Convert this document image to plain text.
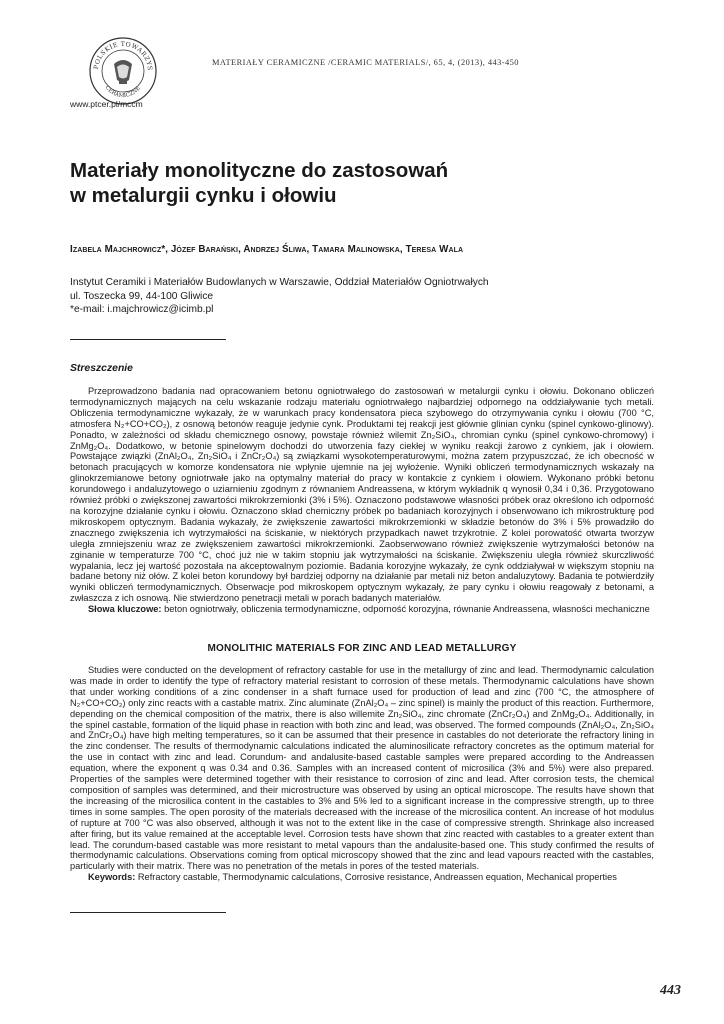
POLSKIE TOWARZYS
CERAMICZNE
www.ptcer.pl/mccm
MATERIAŁY CERAMICZNE /CERAMIC MATERIALS/, 65, 4, (2013), 443-450
Materiały monolityczne do zastosowań
w metalurgii cynku i ołowiu
Izabela Majchrowicz*, Józef Barański, Andrzej Śliwa, Tamara Malinowska, Teresa Wala
Instytut Ceramiki i Materiałów Budowlanych w Warszawie, Oddział Materiałów Ogniotrwałych
ul. Toszecka 99, 44-100 Gliwice
*e-mail: i.majchrowicz@icimb.pl
Streszczenie
Przeprowadzono badania nad opracowaniem betonu ogniotrwałego do zastosowań w metalurgii cynku i ołowiu. Dokonano obliczeń termodynamicznych mających na celu wskazanie rodzaju materiału ogniotrwałego najbardziej odpornego na oddziaływanie tych metali. Obliczenia termodynamiczne wykazały, że w warunkach pracy kondensatora pieca szybowego do otrzymywania cynku i ołowiu (700 °C, atmosfera N₂+CO+CO₂), z osnową betonów reaguje jedynie cynk. Produktami tej reakcji jest głównie glinian cynku (spinel cynkowo-glinowy). Ponadto, w zależności od składu chemicznego osnowy, powstaje również wilemit Zn₂SiO₄, chromian cynku (spinel cynkowo-chromowy) i ZnMg₂O₄. Dodatkowo, w betonie spinelowym dochodzi do utworzenia fazy ciekłej w wyniku reakcji żarowo z cynkiem, jak i ołowiem. Powstające związki (ZnAl₂O₄, Zn₂SiO₄ i ZnCr₂O₄) są związkami wysokotemperaturowymi, można zatem przypuszczać, że ich obecność w betonach pracujących w komorze kondensatora nie wpłynie ujemnie na jej wyłożenie. Wyniki obliczeń termodynamicznych wskazały na glinokrzemianowe betony ogniotrwałe jako na optymalny materiał do pracy w kontakcie z cynkiem i ołowiem. Wykonano próbki betonu korundowego i andaluzytowego o uziarnieniu zgodnym z równaniem Andreassena, w którym wykładnik q wynosił 0,34 i 0,36. Przygotowano również próbki o zwiększonej zawartości mikrokrzemionki (3% i 5%). Oznaczono podstawowe własności próbek oraz określono ich odporność na korozyjne działanie cynku i ołowiu. Oznaczono skład chemiczny próbek po badaniach korozyjnych i obserwowano ich mikrostrukturę pod mikroskopem optycznym. Badania wykazały, że zwiększenie zawartości mikrokrzemionki w składzie betonów do 3% i 5% prowadziło do znacznego zwiększenia ich wytrzymałości na ściskanie, w niektórych przypadkach nawet trzykrotnie. Z kolei porowatość otwarta tworzyw uległa zmniejszeniu wraz ze zwiększeniem zawartości mikrokrzemionki. Zaobserwowano również zwiększenie wytrzymałości betonów na zginanie w temperaturze 700 °C, choć już nie w takim stopniu jak wytrzymałości na ściskanie. Zwiększeniu uległa również skurczliwość wypalania, lecz jej wartość pozostała na akceptowalnym poziomie. Badania korozyjne wykazały, że cynk oddziaływał w większym stopniu na badane betony niż ołów. Z kolei beton korundowy był bardziej odporny na działanie par metali niż beton andaluzytowy. Badania te potwierdziły wyniki obliczeń termodynamicznych. Obserwacje pod mikroskopem optycznym wykazały, że pary cynku i ołowiu reagowały z betonami, a zwłaszcza z ich osnową. Nie stwierdzono penetracji metali w porach badanych materiałów.
Słowa kluczowe: beton ogniotrwały, obliczenia termodynamiczne, odporność korozyjna, równanie Andreassena, własności mechaniczne
MONOLITHIC MATERIALS FOR ZINC AND LEAD METALLURGY
Studies were conducted on the development of refractory castable for use in the metallurgy of zinc and lead. Thermodynamic calculation was made in order to identify the type of refractory material resistant to corrosion of these metals. Thermodynamic calculations have shown that under working conditions of a zinc condenser in a shaft furnace used for production of lead and zinc (700 °C, the atmosphere of N₂+CO+CO₂) only zinc reacts with a castable matrix. Zinc aluminate (ZnAl₂O₄ – zinc spinel) is mainly the product of this reaction. Furthermore, depending on the chemical composition of the matrix, there is also willemite Zn₂SiO₄, zinc chromate (ZnCr₂O₄) and ZnMg₂O₄. Additionally, in the spinel castable, formation of the liquid phase in reaction with both zinc and lead, was observed. The formed compounds (ZnAl₂O₄, Zn₂SiO₄ and ZnCr₂O₄) have high melting temperatures, so it can be assumed that their presence in castables do not deteriorate the refractory lining in the zinc condenser. The results of thermodynamic calculations indicated the aluminosilicate refractory concretes as the optimum material for the use in contact with zinc and lead. Corundum- and andalusite-based castable samples were prepared according to the Andreassen equation, where the exponent q was 0.34 and 0.36. Samples with an increased content of microsilica (3% and 5%) were also prepared. Properties of the samples were determined together with their resistance to corrosion of zinc and lead. After corrosion tests, the chemical composition of samples was determined, and their microstructure was observed by using an optical microscope. The results have shown that the increasing of the microsilica content in the castables to 3% and 5% led to a significant increase in the compressive strength, up to three times in some samples. The open porosity of the materials decreased with the increase of the microsilica content. An increase of hot modulus of rupture at 700 °C was also observed, although it was not to the extent like in the case of compressive strength. Shrinkage also increased after firing, but its value remained at the acceptable level. Corrosion tests have shown that zinc reacted with castables to a greater extent than lead. The corundum-based castable was more resistant to metal vapours than the andalusite-based one. This study confirmed the results of thermodynamic calculations. Observations coming from optical microscopy showed that the zinc and lead vapours reacted with the castables, particularly with their matrix. There was no penetration of the metals in pores of the tested materials.
Keywords: Refractory castable, Thermodynamic calculations, Corrosive resistance, Andreassen equation, Mechanical properties
443
